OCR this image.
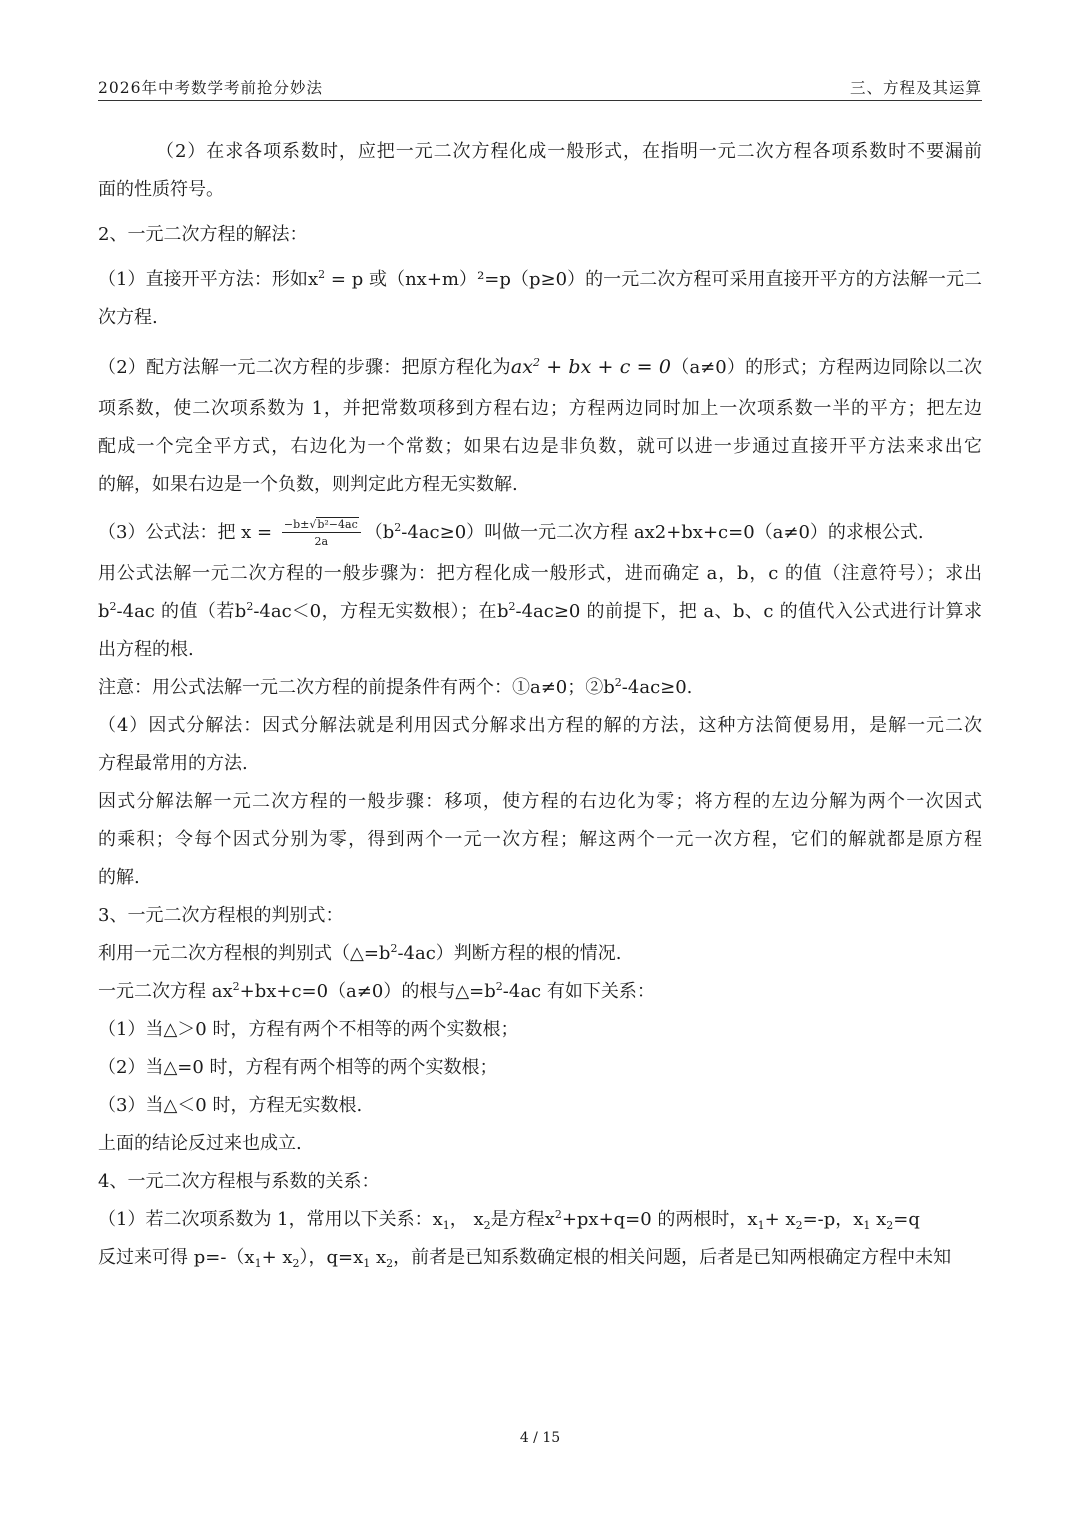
2026年中考数学考前抢分妙法	三、方程及其运算
（2）在求各项系数时，应把一元二次方程化成一般形式，在指明一元二次方程各项系数时不要漏前
面的性质符号。
2、一元二次方程的解法：
（1）直接开平方法：形如$x^2 = p$ 或（nx+m）²=p（p≥0）的一元二次方程可采用直接开平方的方法解一元二
次方程.
（2）配方法解一元二次方程的步骤：把原方程化为$ax^2$ + bx + c = 0（a≠0）的形式；方程两边同除以二次
项系数，使二次项系数为 1，并把常数项移到方程右边；方程两边同时加上一次项系数一半的平方；把左边
配成一个完全平方式，右边化为一个常数；如果右边是非负数，就可以进一步通过直接开平方法来求出它
的解，如果右边是一个负数，则判定此方程无实数解.
（3）公式法：把 $x = \frac{\text{−b±√b²−4ac}}{2a} (b^2-4ac\ge 0)$叫做一元二次方程 ax2+bx+c=0（a≠0）的求根公式.
用公式法解一元二次方程的一般步骤为：把方程化成一般形式，进而确定 a，b，c 的值（注意符号）；求出
$b^2-4ac$ 的值（若$b^2-4ac<0$，方程无实数根）；在$b^2-4ac\ge 0$ 的前提下，把 a、b、c 的值代入公式进行计算求
出方程的根.
注意：用公式法解一元二次方程的前提条件有两个：①a≠0；$②b^2-4ac\ge 0$.
（4）因式分解法：因式分解法就是利用因式分解求出方程的解的方法，这种方法简便易用，是解一元二次
方程最常用的方法.
因式分解法解一元二次方程的一般步骤：移项，使方程的右边化为零；将方程的左边分解为两个一次因式
的乘积；令每个因式分别为零，得到两个一元一次方程；解这两个一元一次方程，它们的解就都是原方程
的解.
3、一元二次方程根的判别式：
利用一元二次方程根的判别式$(\triangle=b^2-4ac)$判断方程的根的情况.
一元二次方程 $ax^2+bx+c=0(a\ne 0)$的根与$\triangle=b^2-4ac$ 有如下关系：
（1）当△＞0 时，方程有两个不相等的两个实数根；
（2）当△=0 时，方程有两个相等的两个实数根；
（3）当△＜0 时，方程无实数根.
上面的结论反过来也成立.
4、一元二次方程根与系数的关系：
（1）若二次项系数为 1，常用以下关系：$x_1$， $x_2$是方程$x^2+px+q=0$ 的两根时，$x_1+ x_2=-p$，$x_1$ $x_2=q$
反过来可得 $p=-(x_1+ x_2)$，$q=x_1$ $x_2$，前者是已知系数确定根的相关问题，后者是已知两根确定方程中未知
4 / 15
